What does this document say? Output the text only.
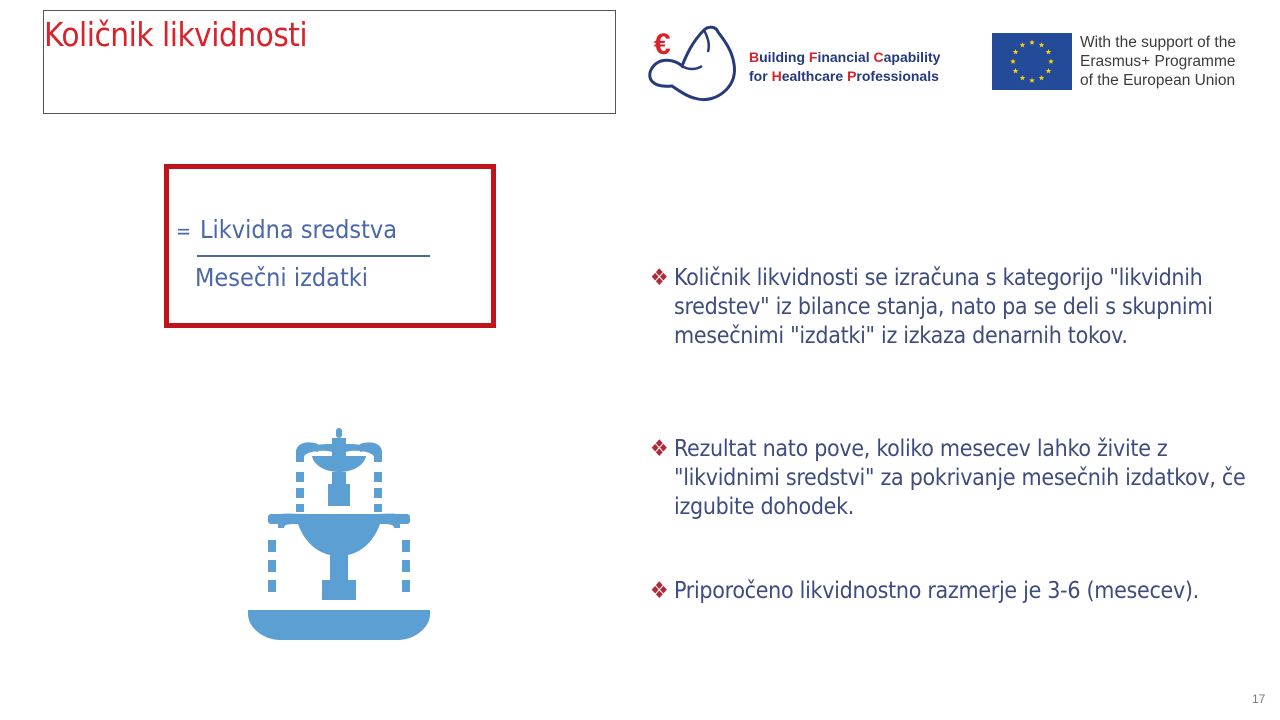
Količnik likvidnosti	€	Building Financial Capability
for Healthcare Professionals
With the support of the
Erasmus+ Programme
of the European Union
= Likvidna sredstva
Mesečni izdatki	❖ Količnik likvidnosti se izračuna s kategorijo "likvidnih sredstev" iz bilance stanja, nato pa se deli s skupnimi mesečnimi "izdatki" iz izkaza denarnih tokov.
❖ Rezultat nato pove, koliko mesecev lahko živite z "likvidnimi sredstvi" za pokrivanje mesečnih izdatkov, če izgubite dohodek.
❖ Priporočeno likvidnostno razmerje je 3-6 (mesecev).
17
